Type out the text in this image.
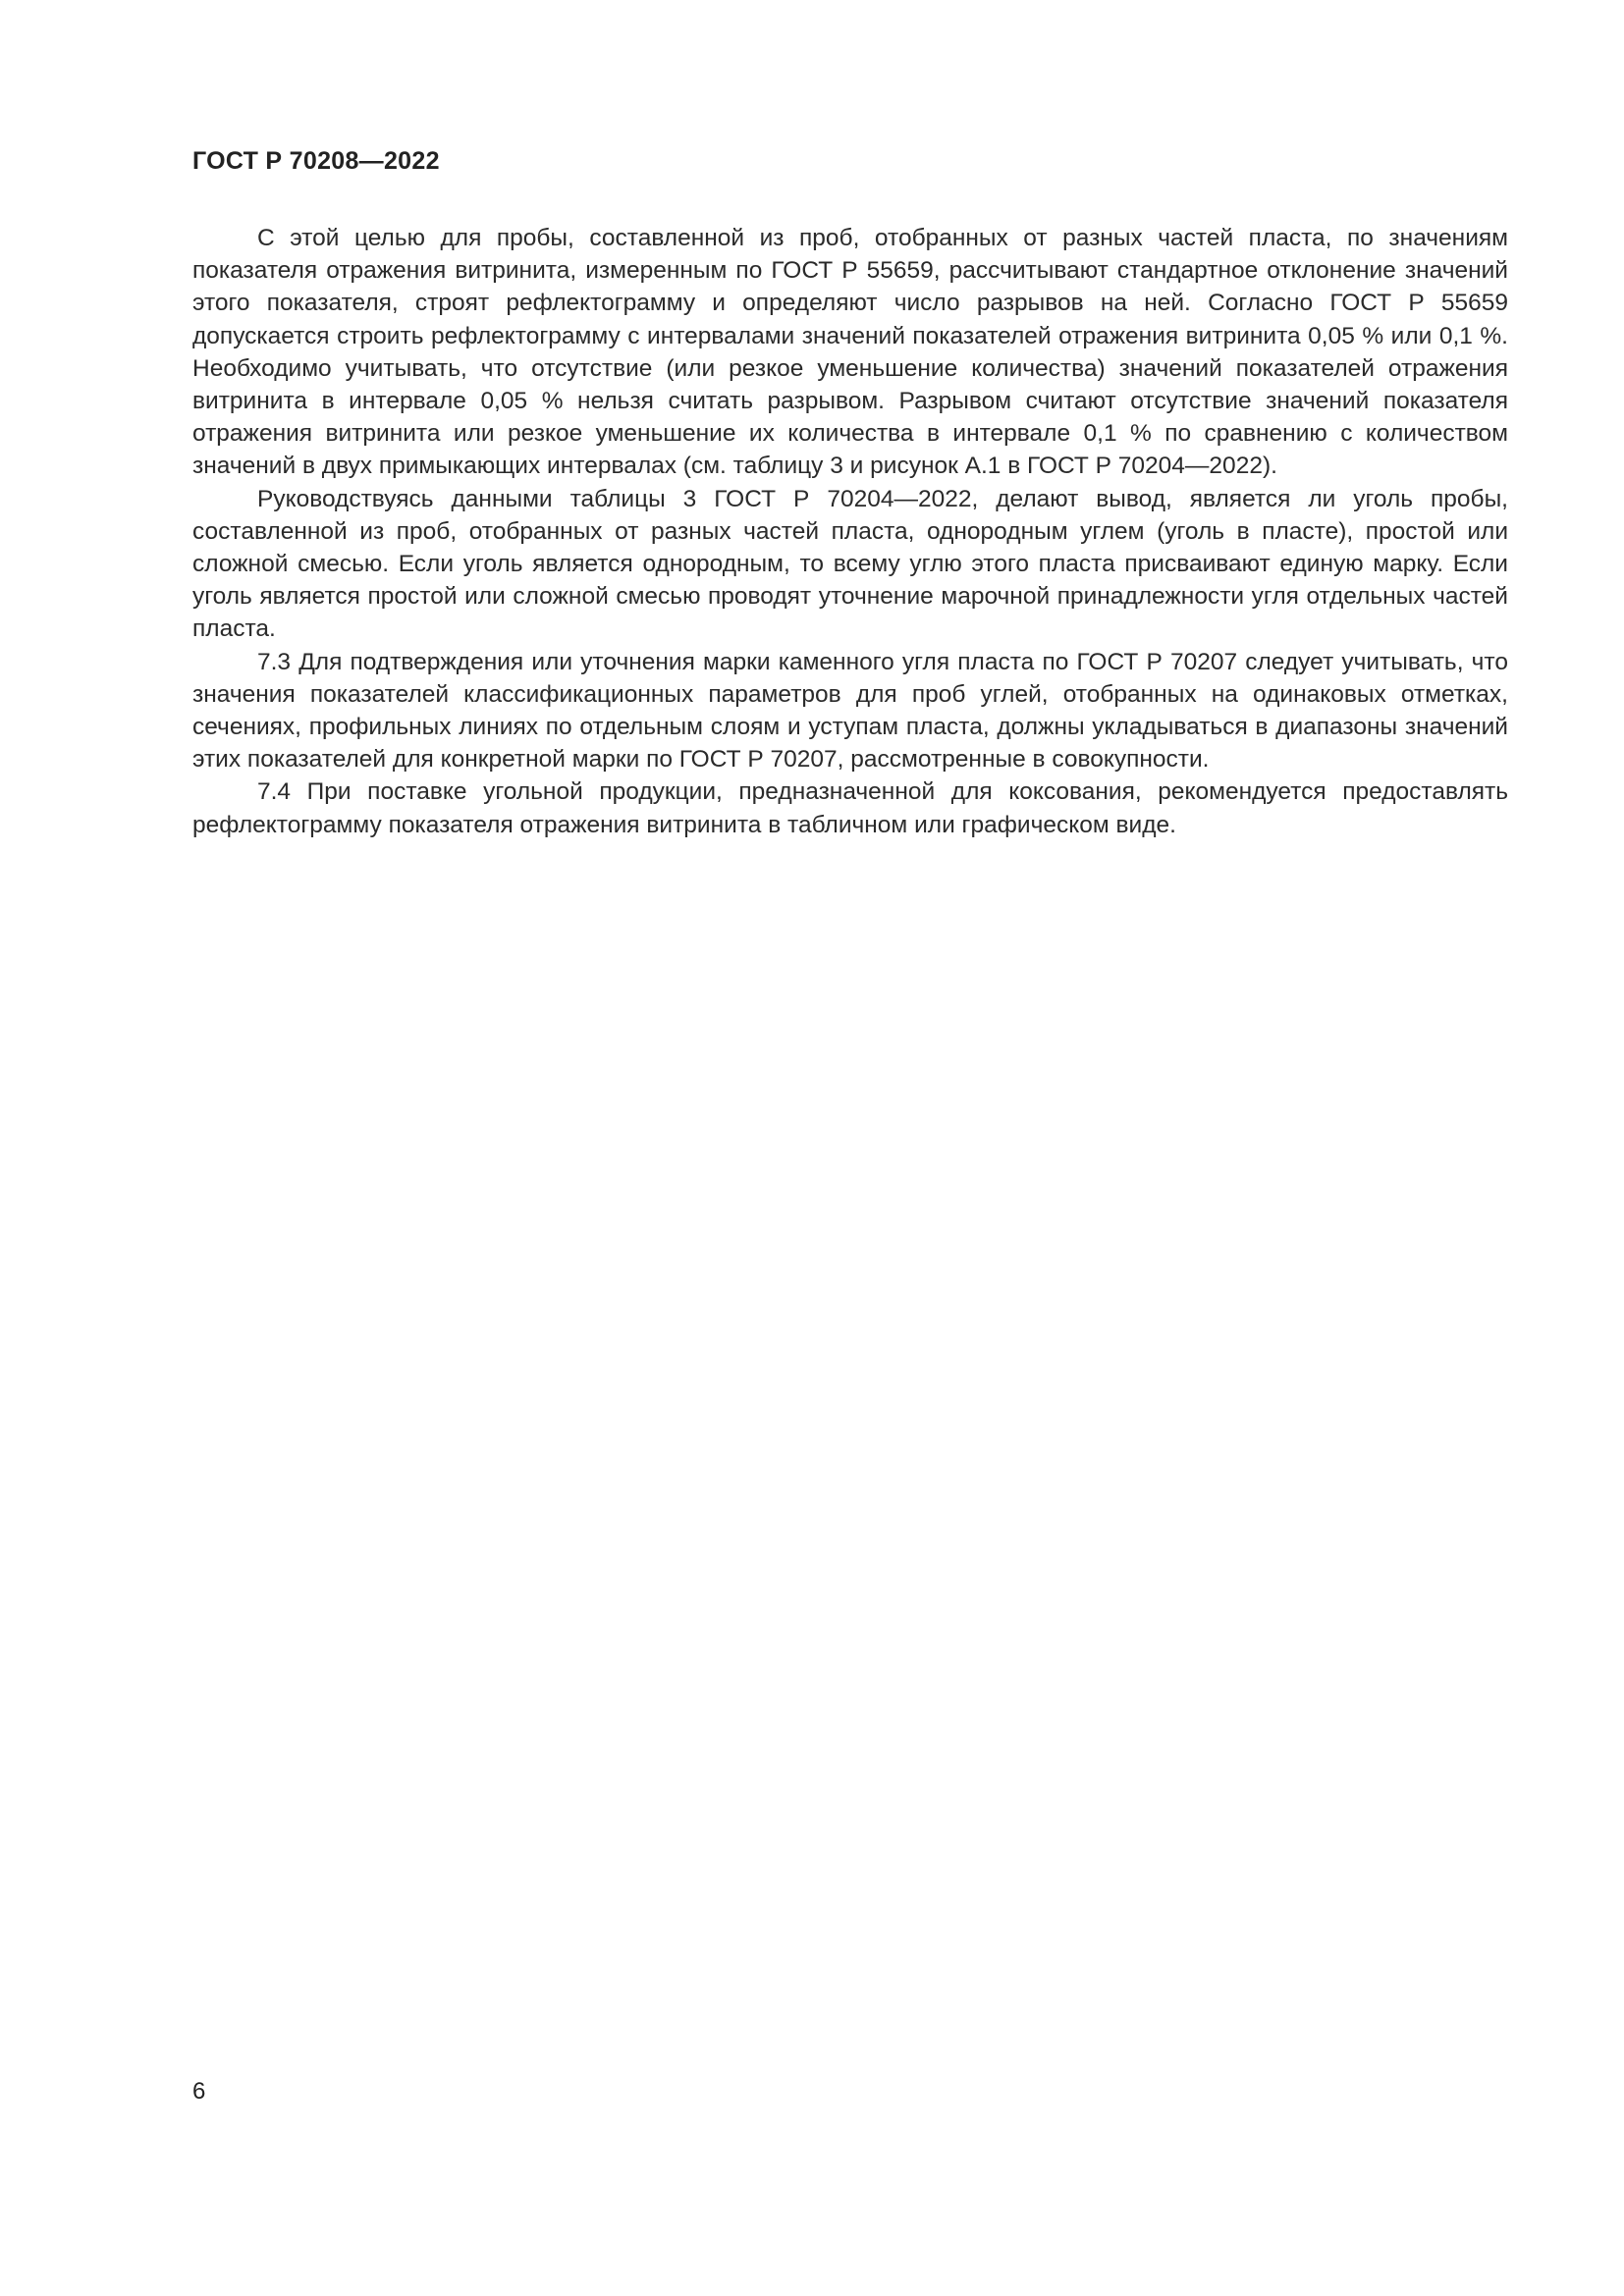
ГОСТ Р 70208—2022

С этой целью для пробы, составленной из проб, отобранных от разных частей пласта, по значениям показателя отражения витринита, измеренным по ГОСТ Р 55659, рассчитывают стандартное отклонение значений этого показателя, строят рефлектограмму и определяют число разрывов на ней. Согласно ГОСТ Р 55659 допускается строить рефлектограмму с интервалами значений показателей отражения витринита 0,05 % или 0,1 %. Необходимо учитывать, что отсутствие (или резкое уменьшение количества) значений показателей отражения витринита в интервале 0,05 % нельзя считать разрывом. Разрывом считают отсутствие значений показателя отражения витринита или резкое уменьшение их количества в интервале 0,1 % по сравнению с количеством значений в двух примыкающих интервалах (см. таблицу 3 и рисунок А.1 в ГОСТ Р 70204—2022).

Руководствуясь данными таблицы 3 ГОСТ Р 70204—2022, делают вывод, является ли уголь пробы, составленной из проб, отобранных от разных частей пласта, однородным углем (уголь в пласте), простой или сложной смесью. Если уголь является однородным, то всему углю этого пласта присваивают единую марку. Если уголь является простой или сложной смесью проводят уточнение марочной принадлежности угля отдельных частей пласта.

7.3 Для подтверждения или уточнения марки каменного угля пласта по ГОСТ Р 70207 следует учитывать, что значения показателей классификационных параметров для проб углей, отобранных на одинаковых отметках, сечениях, профильных линиях по отдельным слоям и уступам пласта, должны укладываться в диапазоны значений этих показателей для конкретной марки по ГОСТ Р 70207, рассмотренные в совокупности.

7.4 При поставке угольной продукции, предназначенной для коксования, рекомендуется предоставлять рефлектограмму показателя отражения витринита в табличном или графическом виде.

6
